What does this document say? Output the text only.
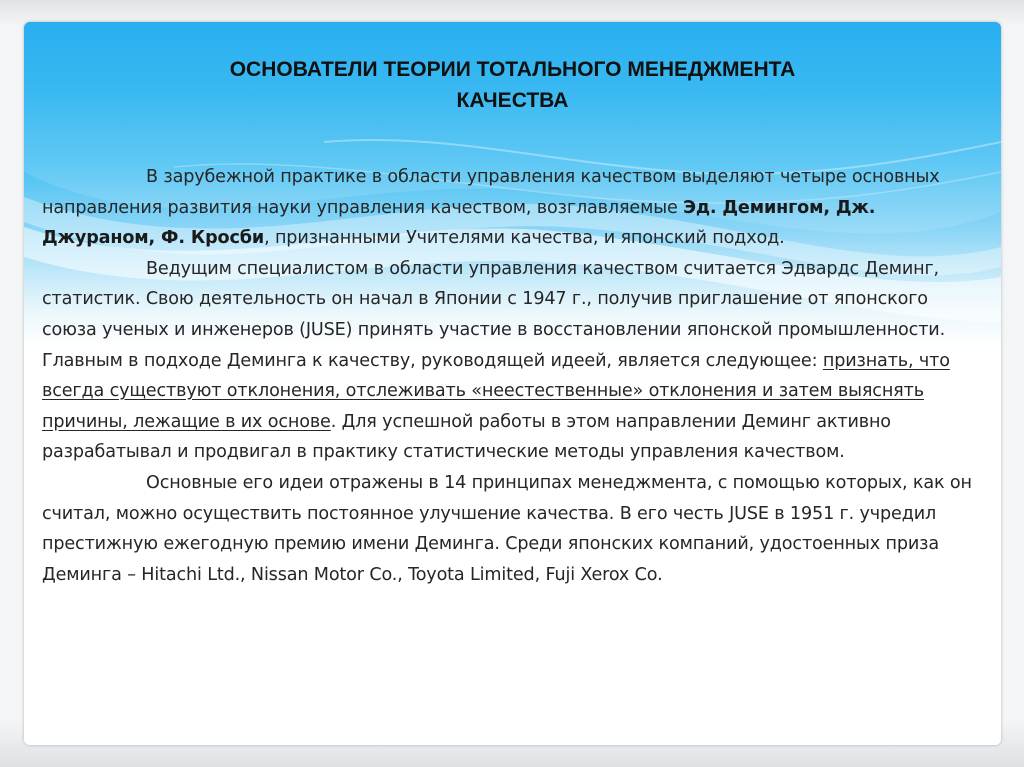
ОСНОВАТЕЛИ ТЕОРИИ ТОТАЛЬНОГО МЕНЕДЖМЕНТА
КАЧЕСТВА

В зарубежной практике в области управления качеством выделяют четыре основных направления развития науки управления качеством, возглавляемые Эд. Демингом, Дж. Джураном, Ф. Кросби, признанными Учителями качества, и японский подход.

Ведущим специалистом в области управления качеством считается Эдвардс Деминг, статистик. Свою деятельность он начал в Японии с 1947 г., получив приглашение от японского союза ученых и инженеров (JUSE) принять участие в восстановлении японской промышленности. Главным в подходе Деминга к качеству, руководящей идеей, является следующее: признать, что всегда существуют отклонения, отслеживать «неестественные» отклонения и затем выяснять причины, лежащие в их основе. Для успешной работы в этом направлении Деминг активно разрабатывал и продвигал в практику статистические методы управления качеством.

Основные его идеи отражены в 14 принципах менеджмента, с помощью которых, как он считал, можно осуществить постоянное улучшение качества. В его честь JUSE в 1951 г. учредил престижную ежегодную премию имени Деминга. Среди японских компаний, удостоенных приза Деминга – Hitachi Ltd., Nissan Motor Co., Toyota Limited, Fuji Xerox Co.
